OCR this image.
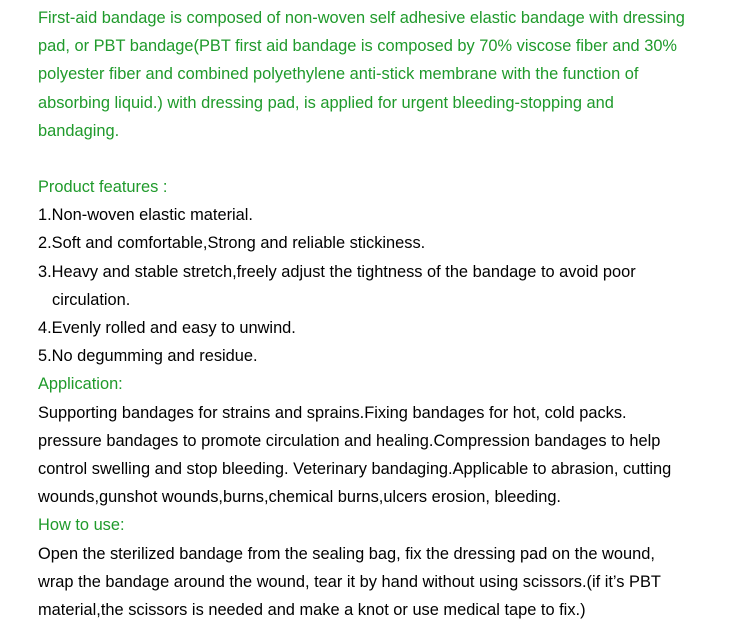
First-aid bandage is composed of non-woven self adhesive elastic bandage with dressing
pad, or PBT bandage(PBT first aid bandage is composed by 70% viscose fiber and 30%
polyester fiber and combined polyethylene anti-stick membrane with the function of
absorbing liquid.) with dressing pad, is applied for urgent bleeding-stopping and
bandaging.
Product features :
1.Non-woven elastic material.
2.Soft and comfortable,Strong and reliable stickiness.
3.Heavy and stable stretch,freely adjust the tightness of the bandage to avoid poor
circulation.
4.Evenly rolled and easy to unwind.
5.No degumming and residue.
Application:
Supporting bandages for strains and sprains.Fixing bandages for hot, cold packs.
pressure bandages to promote circulation and healing.Compression bandages to help
control swelling and stop bleeding. Veterinary bandaging.Applicable to abrasion, cutting
wounds,gunshot wounds,burns,chemical burns,ulcers erosion, bleeding.
How to use:
Open the sterilized bandage from the sealing bag, fix the dressing pad on the wound,
wrap the bandage around the wound, tear it by hand without using scissors.(if it’s PBT
material,the scissors is needed and make a knot or use medical tape to fix.)
